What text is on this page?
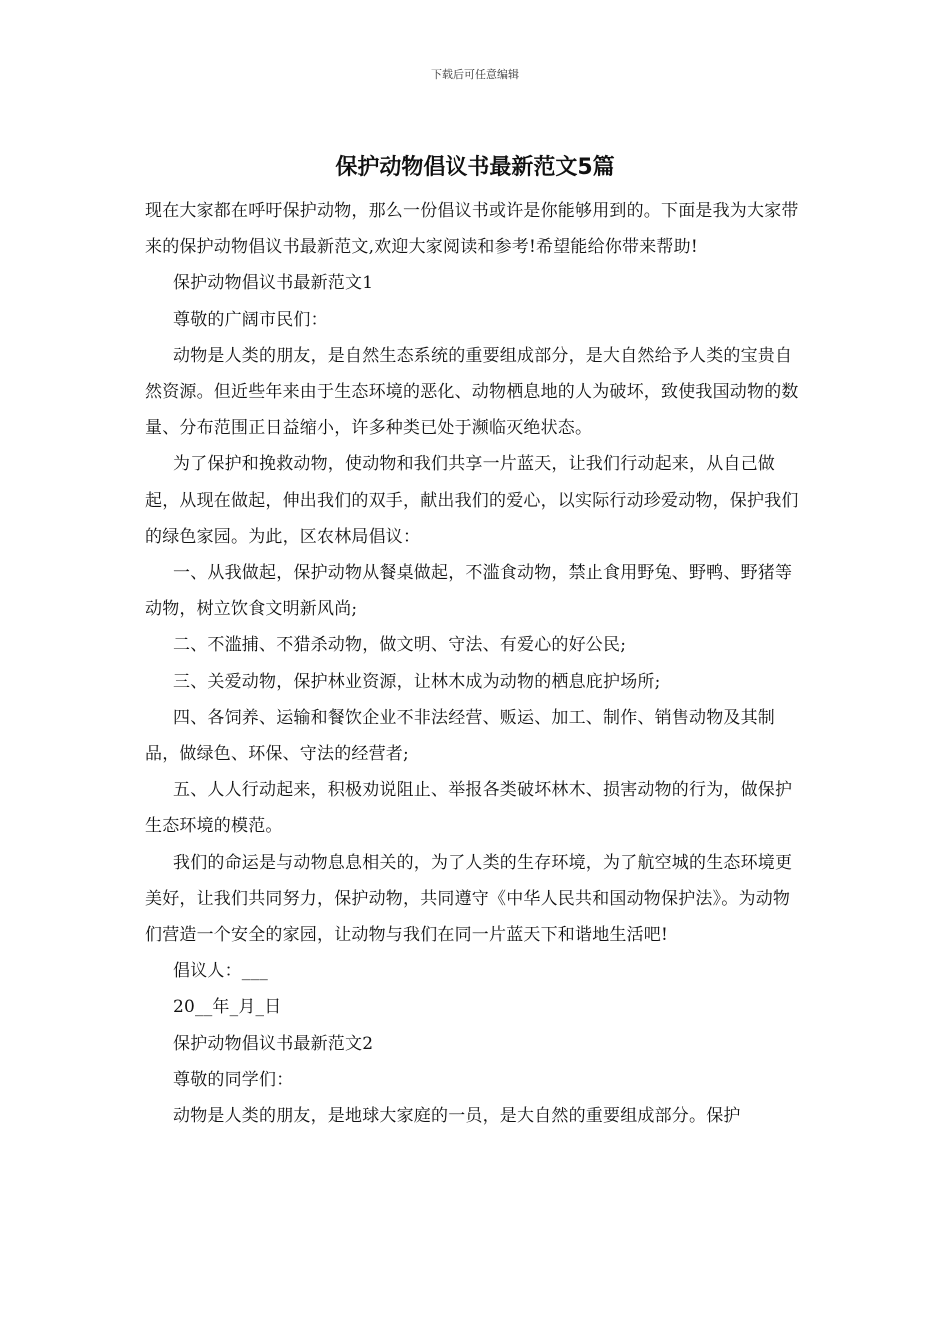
下载后可任意编辑
保护动物倡议书最新范文5篇

现在大家都在呼吁保护动物，那么一份倡议书或许是你能够用到的。下面是我为大家带来的保护动物倡议书最新范文,欢迎大家阅读和参考!希望能给你带来帮助!

保护动物倡议书最新范文1

尊敬的广阔市民们：

动物是人类的朋友，是自然生态系统的重要组成部分，是大自然给予人类的宝贵自然资源。但近些年来由于生态环境的恶化、动物栖息地的人为破坏，致使我国动物的数量、分布范围正日益缩小，许多种类已处于濒临灭绝状态。

为了保护和挽救动物，使动物和我们共享一片蓝天，让我们行动起来，从自己做起，从现在做起，伸出我们的双手，献出我们的爱心，以实际行动珍爱动物，保护我们的绿色家园。为此，区农林局倡议：

一、从我做起，保护动物从餐桌做起，不滥食动物，禁止食用野兔、野鸭、野猪等动物，树立饮食文明新风尚;

二、不滥捕、不猎杀动物，做文明、守法、有爱心的好公民;

三、关爱动物，保护林业资源，让林木成为动物的栖息庇护场所;

四、各饲养、运输和餐饮企业不非法经营、贩运、加工、制作、销售动物及其制品，做绿色、环保、守法的经营者;

五、人人行动起来，积极劝说阻止、举报各类破坏林木、损害动物的行为，做保护生态环境的模范。

我们的命运是与动物息息相关的，为了人类的生存环境，为了航空城的生态环境更美好，让我们共同努力，保护动物，共同遵守《中华人民共和国动物保护法》。为动物们营造一个安全的家园，让动物与我们在同一片蓝天下和谐地生活吧!

倡议人：___

20__年_月_日

保护动物倡议书最新范文2

尊敬的同学们：

动物是人类的朋友，是地球大家庭的一员，是大自然的重要组成部分。保护
